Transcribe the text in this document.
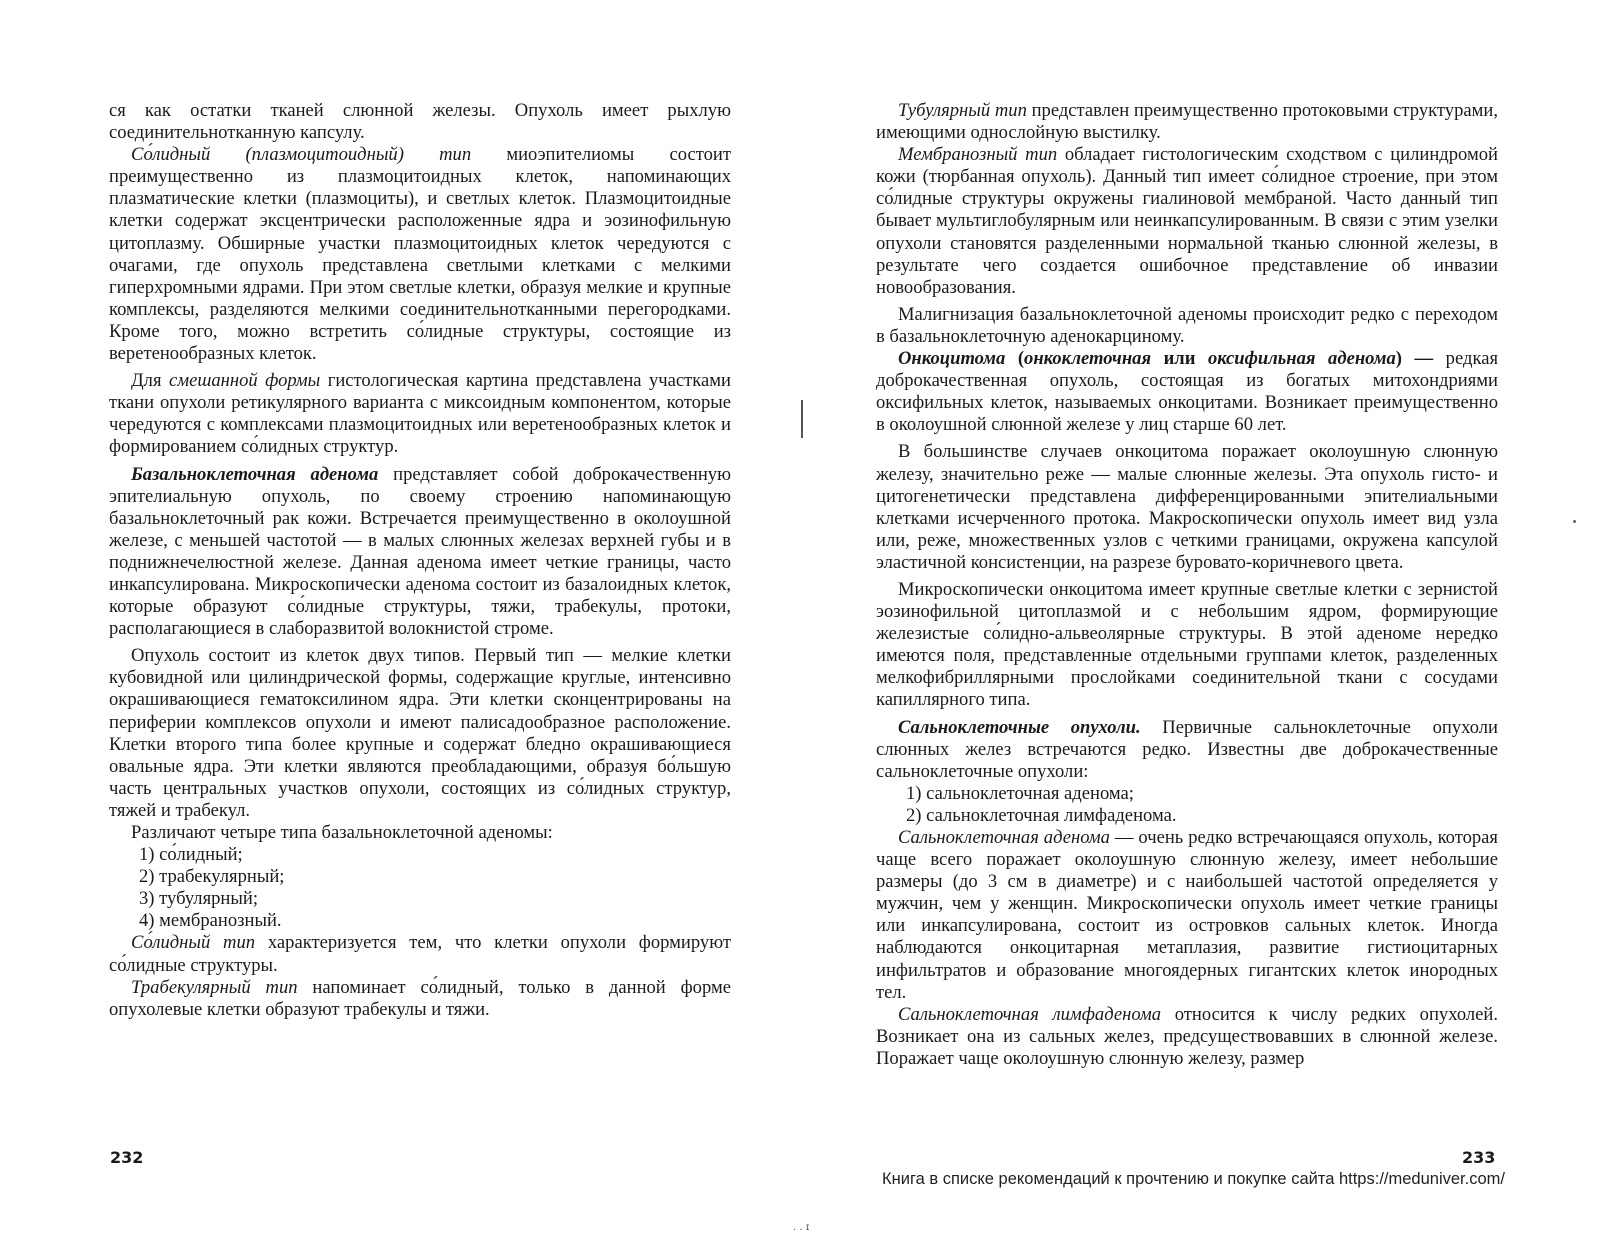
ся как остатки тканей слюнной железы. Опухоль имеет рыхлую соединительнотканную капсулу.

Со́лидный (плазмоцитоидный) тип миоэпителиомы состоит преимущественно из плазмоцитоидных клеток, напоминающих плазматические клетки (плазмоциты), и светлых клеток. Плазмоцитоидные клетки содержат эксцентрически расположенные ядра и эозинофильную цитоплазму. Обширные участки плазмоцитоидных клеток чередуются с очагами, где опухоль представлена светлыми клетками с мелкими гиперхромными ядрами. При этом светлые клетки, образуя мелкие и крупные комплексы, разделяются мелкими соединительнотканными перегородками. Кроме того, можно встретить со́лидные структуры, состоящие из веретенообразных клеток.

Для смешанной формы гистологическая картина представлена участками ткани опухоли ретикулярного варианта с миксоидным компонентом, которые чередуются с комплексами плазмоцитоидных или веретенообразных клеток и формированием со́лидных структур.

Базальноклеточная аденома представляет собой доброкачественную эпителиальную опухоль, по своему строению напоминающую базальноклеточный рак кожи. Встречается преимущественно в околоушной железе, с меньшей частотой — в малых слюнных железах верхней губы и в поднижнечелюстной железе. Данная аденома имеет четкие границы, часто инкапсулирована. Микроскопически аденома состоит из базалоидных клеток, которые образуют со́лидные структуры, тяжи, трабекулы, протоки, располагающиеся в слаборазвитой волокнистой строме.

Опухоль состоит из клеток двух типов. Первый тип — мелкие клетки кубовидной или цилиндрической формы, содержащие круглые, интенсивно окрашивающиеся гематоксилином ядра. Эти клетки сконцентрированы на периферии комплексов опухоли и имеют палисадообразное расположение. Клетки второго типа более крупные и содержат бледно окрашивающиеся овальные ядра. Эти клетки являются преобладающими, образуя бо́льшую часть центральных участков опухоли, состоящих из со́лидных структур, тяжей и трабекул.

Различают четыре типа базальноклеточной аденомы:

1) со́лидный;

2) трабекулярный;

3) тубулярный;

4) мембранозный.

Со́лидный тип характеризуется тем, что клетки опухоли формируют со́лидные структуры.

Трабекулярный тип напоминает со́лидный, только в данной форме опухолевые клетки образуют трабекулы и тяжи.

Тубулярный тип представлен преимущественно протоковыми структурами, имеющими однослойную выстилку.

Мембранозный тип обладает гистологическим сходством с цилиндромой кожи (тюрбанная опухоль). Данный тип имеет со́лидное строение, при этом со́лидные структуры окружены гиалиновой мембраной. Часто данный тип бывает мультиглобулярным или неинкапсулированным. В связи с этим узелки опухоли становятся разделенными нормальной тканью слюнной железы, в результате чего создается ошибочное представление об инвазии новообразования.

Малигнизация базальноклеточной аденомы происходит редко с переходом в базальноклеточную аденокарциному.

Онкоцитома (онкоклеточная или оксифильная аденома) — редкая доброкачественная опухоль, состоящая из богатых митохондриями оксифильных клеток, называемых онкоцитами. Возникает преимущественно в околоушной слюнной железе у лиц старше 60 лет.

В большинстве случаев онкоцитома поражает околоушную слюнную железу, значительно реже — малые слюнные железы. Эта опухоль гисто- и цитогенетически представлена дифференцированными эпителиальными клетками исчерченного протока. Макроскопически опухоль имеет вид узла или, реже, множественных узлов с четкими границами, окружена капсулой эластичной консистенции, на разрезе буровато-коричневого цвета.

Микроскопически онкоцитома имеет крупные светлые клетки с зернистой эозинофильной цитоплазмой и с небольшим ядром, формирующие железистые со́лидно-альвеолярные структуры. В этой аденоме нередко имеются поля, представленные отдельными группами клеток, разделенных мелкофибриллярными прослойками соединительной ткани с сосудами капиллярного типа.

Сальноклеточные опухоли. Первичные сальноклеточные опухоли слюнных желез встречаются редко. Известны две доброкачественные сальноклеточные опухоли:

1) сальноклеточная аденома;

2) сальноклеточная лимфаденома.

Сальноклеточная аденома — очень редко встречающаяся опухоль, которая чаще всего поражает околоушную слюнную железу, имеет небольшие размеры (до 3 см в диаметре) и с наибольшей частотой определяется у мужчин, чем у женщин. Микроскопически опухоль имеет четкие границы или инкапсулирована, состоит из островков сальных клеток. Иногда наблюдаются онкоцитарная метаплазия, развитие гистиоцитарных инфильтратов и образование многоядерных гигантских клеток инородных тел.

Сальноклеточная лимфаденома относится к числу редких опухолей. Возникает она из сальных желез, предсуществовавших в слюнной железе. Поражает чаще околоушную слюнную железу, размер

232	233
Книга в списке рекомендаций к прочтению и покупке сайта https://meduniver.com/
. . ɪ
